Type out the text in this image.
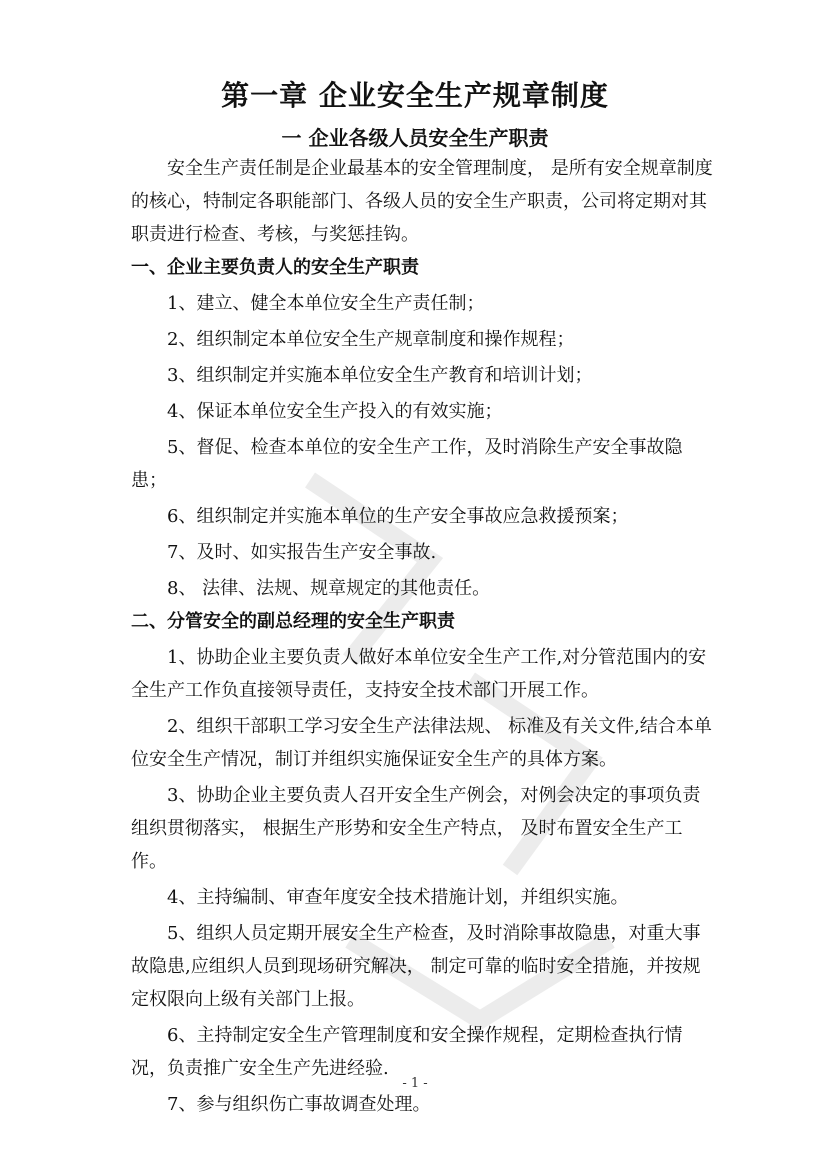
第一章 企业安全生产规章制度
一 企业各级人员安全生产职责

安全生产责任制是企业最基本的安全管理制度， 是所有安全规章制度的核心，特制定各职能部门、各级人员的安全生产职责，公司将定期对其职责进行检查、考核，与奖惩挂钩。

一、企业主要负责人的安全生产职责

1、建立、健全本单位安全生产责任制；

2、组织制定本单位安全生产规章制度和操作规程；

3、组织制定并实施本单位安全生产教育和培训计划；

4、保证本单位安全生产投入的有效实施；

5、督促、检查本单位的安全生产工作，及时消除生产安全事故隐患；

6、组织制定并实施本单位的生产安全事故应急救援预案；

7、及时、如实报告生产安全事故.

8、 法律、法规、规章规定的其他责任。

二、分管安全的副总经理的安全生产职责

1、协助企业主要负责人做好本单位安全生产工作,对分管范围内的安全生产工作负直接领导责任，支持安全技术部门开展工作。

2、组织干部职工学习安全生产法律法规、 标准及有关文件,结合本单位安全生产情况，制订并组织实施保证安全生产的具体方案。

3、协助企业主要负责人召开安全生产例会，对例会决定的事项负责组织贯彻落实， 根据生产形势和安全生产特点， 及时布置安全生产工作。

4、主持编制、审查年度安全技术措施计划，并组织实施。

5、组织人员定期开展安全生产检查，及时消除事故隐患，对重大事故隐患,应组织人员到现场研究解决， 制定可靠的临时安全措施，并按规定权限向上级有关部门上报。

6、主持制定安全生产管理制度和安全操作规程，定期检查执行情况，负责推广安全生产先进经验.

7、参与组织伤亡事故调查处理。

- 1 -
